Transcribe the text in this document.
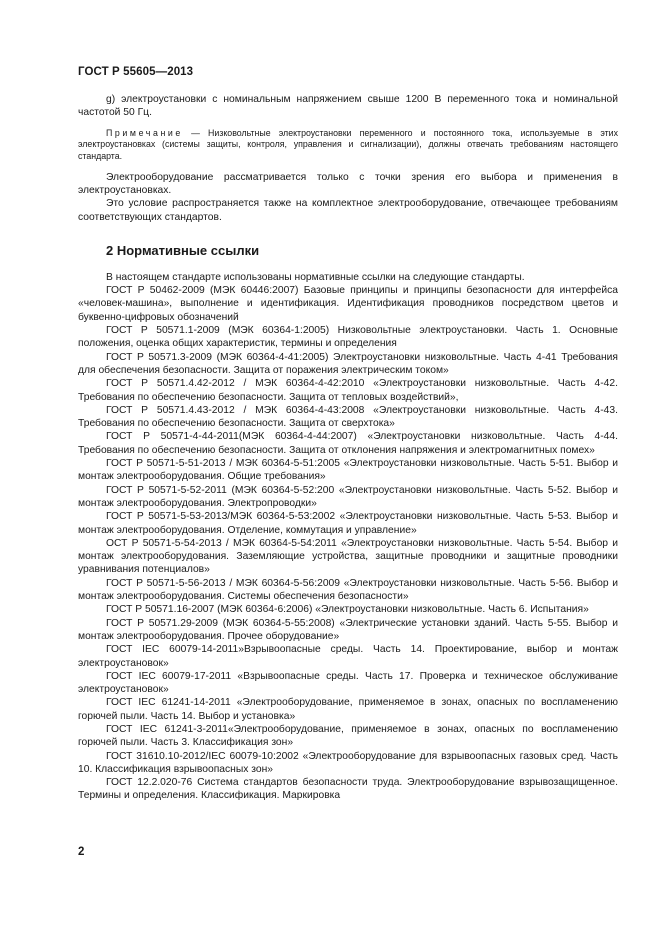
ГОСТ Р 55605—2013

g) электроустановки с номинальным напряжением свыше 1200 В переменного тока и номинальной частотой 50 Гц.

Примечание — Низковольтные электроустановки переменного и постоянного тока, используемые в этих электроустановках (системы защиты, контроля, управления и сигнализации), должны отвечать требованиям настоящего стандарта.

Электрооборудование рассматривается только с точки зрения его выбора и применения в электроустановках.

Это условие распространяется также на комплектное электрооборудование, отвечающее требованиям соответствующих стандартов.

2 Нормативные ссылки

В настоящем стандарте использованы нормативные ссылки на следующие стандарты.

ГОСТ Р 50462-2009 (МЭК 60446:2007) Базовые принципы и принципы безопасности для интерфейса «человек-машина», выполнение и идентификация. Идентификация проводников посредством цветов и буквенно-цифровых обозначений

ГОСТ Р 50571.1-2009 (МЭК 60364-1:2005) Низковольтные электроустановки. Часть 1. Основные положения, оценка общих характеристик, термины и определения

ГОСТ Р 50571.3-2009 (МЭК 60364-4-41:2005) Электроустановки низковольтные. Часть 4-41 Требования для обеспечения безопасности. Защита от поражения электрическим током»

ГОСТ Р 50571.4.42-2012 / МЭК 60364-4-42:2010 «Электроустановки низковольтные. Часть 4-42. Требования по обеспечению безопасности. Защита от тепловых воздействий»,

ГОСТ Р 50571.4.43-2012 / МЭК 60364-4-43:2008 «Электроустановки низковольтные. Часть 4-43. Требования по обеспечению безопасности. Защита от сверхтока»

ГОСТ Р 50571-4-44-2011(МЭК 60364-4-44:2007) «Электроустановки низковольтные. Часть 4-44. Требования по обеспечению безопасности. Защита от отклонения напряжения и электромагнитных помех»

ГОСТ Р 50571-5-51-2013 / МЭК 60364-5-51:2005 «Электроустановки низковольтные. Часть 5-51. Выбор и монтаж электрооборудования. Общие требования»

ГОСТ Р 50571-5-52-2011 (МЭК 60364-5-52:200 «Электроустановки низковольтные. Часть 5-52. Выбор и монтаж электрооборудования. Электропроводки»

ГОСТ Р 50571-5-53-2013/МЭК 60364-5-53:2002 «Электроустановки низковольтные. Часть 5-53. Выбор и монтаж электрооборудования. Отделение, коммутация и управление»

ОСТ Р 50571-5-54-2013 / МЭК 60364-5-54:2011 «Электроустановки низковольтные. Часть 5-54. Выбор и монтаж электрооборудования. Заземляющие устройства, защитные проводники и защитные проводники уравнивания потенциалов»

ГОСТ Р 50571-5-56-2013 / МЭК 60364-5-56:2009 «Электроустановки низковольтные. Часть 5-56. Выбор и монтаж электрооборудования. Системы обеспечения безопасности»

ГОСТ Р 50571.16-2007 (МЭК 60364-6:2006) «Электроустановки низковольтные. Часть 6. Испытания»

ГОСТ Р 50571.29-2009 (МЭК 60364-5-55:2008) «Электрические установки зданий. Часть 5-55. Выбор и монтаж электрооборудования. Прочее оборудование»

ГОСТ IEC 60079-14-2011»Взрывоопасные среды. Часть 14. Проектирование, выбор и монтаж электроустановок»

ГОСТ IEC 60079-17-2011 «Взрывоопасные среды. Часть 17. Проверка и техническое обслуживание электроустановок»

ГОСТ IEC 61241-14-2011 «Электрооборудование, применяемое в зонах, опасных по воспламенению горючей пыли. Часть 14. Выбор и установка»

ГОСТ IEC 61241-3-2011«Электрооборудование, применяемое в зонах, опасных по воспламенению горючей пыли. Часть 3. Классификация зон»

ГОСТ 31610.10-2012/IEC 60079-10:2002 «Электрооборудование для взрывоопасных газовых сред. Часть 10. Классификация взрывоопасных зон»

ГОСТ 12.2.020-76 Система стандартов безопасности труда. Электрооборудование взрывозащищенное. Термины и определения. Классификация. Маркировка

2
